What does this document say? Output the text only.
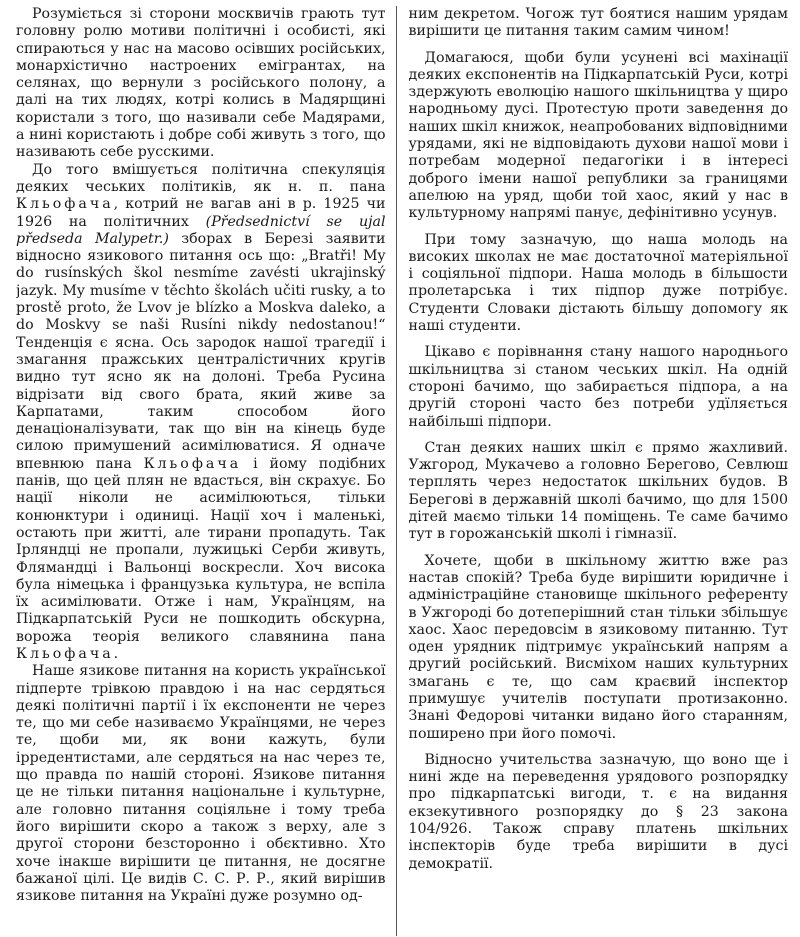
Розуміється зі сторони москвичів грають тут головну ролю мотиви політичні і особисті, які спираються у нас на масово осівших російських, монархістично настроених емігрантах, на селянах, що вернули з російського полону, а далі на тих людях, котрі колись в Мадярщині користали з того, що називали себе Мадярами, а нині користають і добре собі живуть з того, що називають себе русскими.

До того вмішується політична спекуляція деяких чеських політиків, як н. п. пана Кльофача, котрий не вагав ані в р. 1925 чи 1926 на політичних (Předsednictví se ujal předseda Malypetr.) зборах в Березі заявити відносно язикового питання ось що: „Bratři! My do rusínských škol nesmíme zavésti ukrajinský jazyk. My musíme v těchto školách učiti rusky, a to prostě proto, že Lvov je blízko a Moskva daleko, a do Moskvy se naši Rusíni nikdy nedostanou!“ Тенденція є ясна. Ось зародок нашої трагедії і змагання пражських централістичних кругів видно тут ясно як на долоні. Треба Русина відрізати від свого брата, який живе за Карпатами, таким способом його денаціоналізувати, так що він на кінець буде силою примушений асимілюватися. Я одначе впевнюю пана Кльофача і йому подібних панів, що цей плян не вдасться, він скрахує. Бо нації ніколи не асимілюються, тільки конюнктури і одиниці. Нації хоч і маленькі, остають при житті, але тирани пропадуть. Так Ірляндці не пропали, лужицькі Серби живуть, Флямандці і Вальонці воскресли. Хоч висока була німецька і французька культура, не вспіла їх асимілювати. Отже і нам, Українцям, на Підкарпатській Руси не пошкодить обскурна, ворожа теорія великого славянина пана Кльофача.

Наше язикове питання на користь української підперте трівкою правдою і на нас сердяться деякі політичні партії і їх експоненти не через те, що ми себе називаємо Українцями, не через те, щоби ми, як вони кажуть, були ірредентистами, але сердяться на нас через те, що правда по нашій стороні. Язикове питання це не тільки питання національне і культурне, але головно питання соціяльне і тому треба його вирішити скоро а також з верху, але з другої сторони безсторонно і обєктивно. Хто хоче інакше вирішити це питання, не досягне бажаної цілі. Це видів С. С. Р. Р., який вирішив язикове питання на Україні дуже розумно од-

ним декретом. Чогож тут боятися нашим урядам вирішити це питання таким самим чином!

Домагаюся, щоби були усунені всі махінації деяких експонентів на Підкарпатській Руси, котрі здержують еволюцію нашого шкільництва у щиро народньому дусі. Протестую проти заведення до наших шкіл книжок, неапробованих відповідними урядами, які не відповідають духови нашої мови і потребам модерної педагогіки і в інтересі доброго імени нашої републики за границями апелюю на уряд, щоби той хаос, який у нас в культурному напрямі панує, дефінітивно усунув.

При тому зазначую, що наша молодь на високих школах не має достаточної матеріяльної і соціяльної підпори. Наша молодь в більшости пролетарська і тих підпор дуже потрібує. Студенти Словаки дістають більшу допомогу як наші студенти.

Цікаво є порівнання стану нашого народнього шкільництва зі станом чеських шкіл. На одній стороні бачимо, що забирається підпора, а на другій стороні часто без потреби удїляється найбільші підпори.

Стан деяких наших шкіл є прямо жахливий. Ужгород, Мукачево а головно Берегово, Севлюш терплять через недостаток шкільних будов. В Берегові в державній школі бачимо, що для 1500 дітей маємо тільки 14 поміщень. Те саме бачимо тут в горожанській школі і гімназії.

Хочете, щоби в шкільному життю вже раз настав спокій? Треба буде вирішити юридичне і адміністраційне становище шкільного референту в Ужгороді бо дотеперішний стан тільки збільшує хаос. Хаос передовсім в язиковому питанню. Тут оден урядник підтримує український напрям а другий російський. Висміхом наших культурних змагань є те, що сам краєвий інспектор примушує учителів поступати протизаконно. Знані Федорові читанки видано його старанням, поширено при його помочі.

Відносно учительства зазначую, що воно ще і нині жде на переведення урядового розпорядку про підкарпатські вигоди, т. є на видання екзекутивного розпорядку до § 23 закона 104/926. Також справу платень шкільних інспекторів буде треба вирішити в дусі демократії.
